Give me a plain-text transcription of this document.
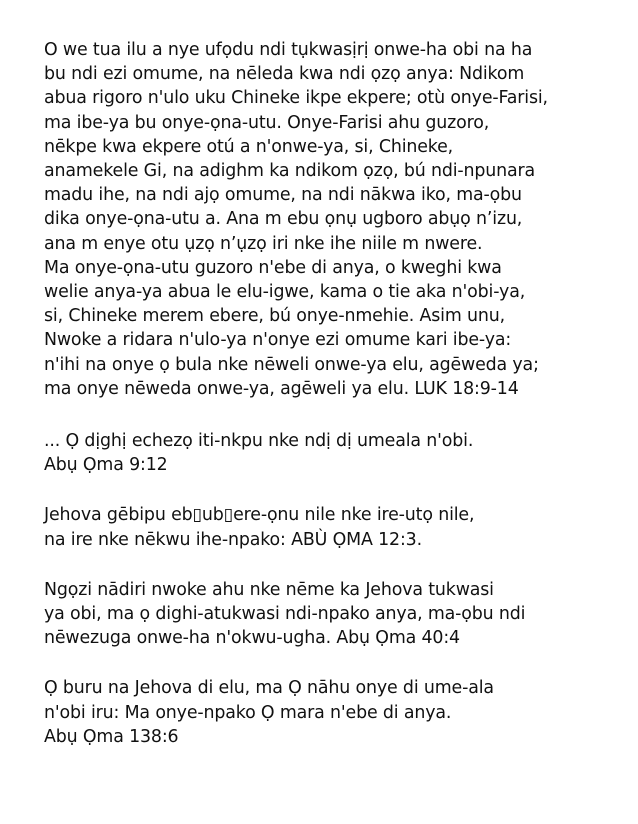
O we tua ilu a nye ufọdu ndi tụkwasịrị onwe-ha obi na ha
bu ndi ezi omume, na nēleda kwa ndi ọzọ anya: Ndikom
abua rigoro n'ulo uku Chineke ikpe ekpere; otù onye-Farisi,
ma ibe-ya bu onye-ọna-utu. Onye-Farisi ahu guzoro,
nēkpe kwa ekpere otú a n'onwe-ya, si, Chineke,
anamekele Gi, na adighm ka ndikom ọzọ, bú ndi-npunara
madu ihe, na ndi ajọ omume, na ndi nākwa iko, ma-ọbu
dika onye-ọna-utu a. Ana m ebu ọnụ ugboro abụọ n’izu,
ana m enye otu ụzọ n’ụzọ iri nke ihe niile m nwere.
Ma onye-ọna-utu guzoro n'ebe di anya, o kweghi kwa
welie anya-ya abua le elu-igwe, kama o tie aka n'obi-ya,
si, Chineke merem ebere, bú onye-nmehie. Asim unu,
Nwoke a ridara n'ulo-ya n'onye ezi omume kari ibe-ya:
n'ihi na onye ọ bula nke nēweli onwe-ya elu, agēweda ya;
ma onye nēweda onwe-ya, agēweli ya elu. LUK 18:9-14
... Ọ dịghị echezọ iti-nkpu nke ndị dị umeala n'obi.
Abụ Ọma 9:12
Jehova gēbipu eb▯ub▯ere-ọnu nile nke ire-utọ nile,
na ire nke nēkwu ihe-npako: ABÙ ỌMA 12:3.
Ngọzi nādiri nwoke ahu nke nēme ka Jehova tukwasi
ya obi, ma ọ dighi-atukwasi ndi-npako anya, ma-ọbu ndi
nēwezuga onwe-ha n'okwu-ugha. Abụ Ọma 40:4
Ọ buru na Jehova di elu, ma Ọ nāhu onye di ume-ala
n'obi iru: Ma onye-npako Ọ mara n'ebe di anya.
Abụ Ọma 138:6
